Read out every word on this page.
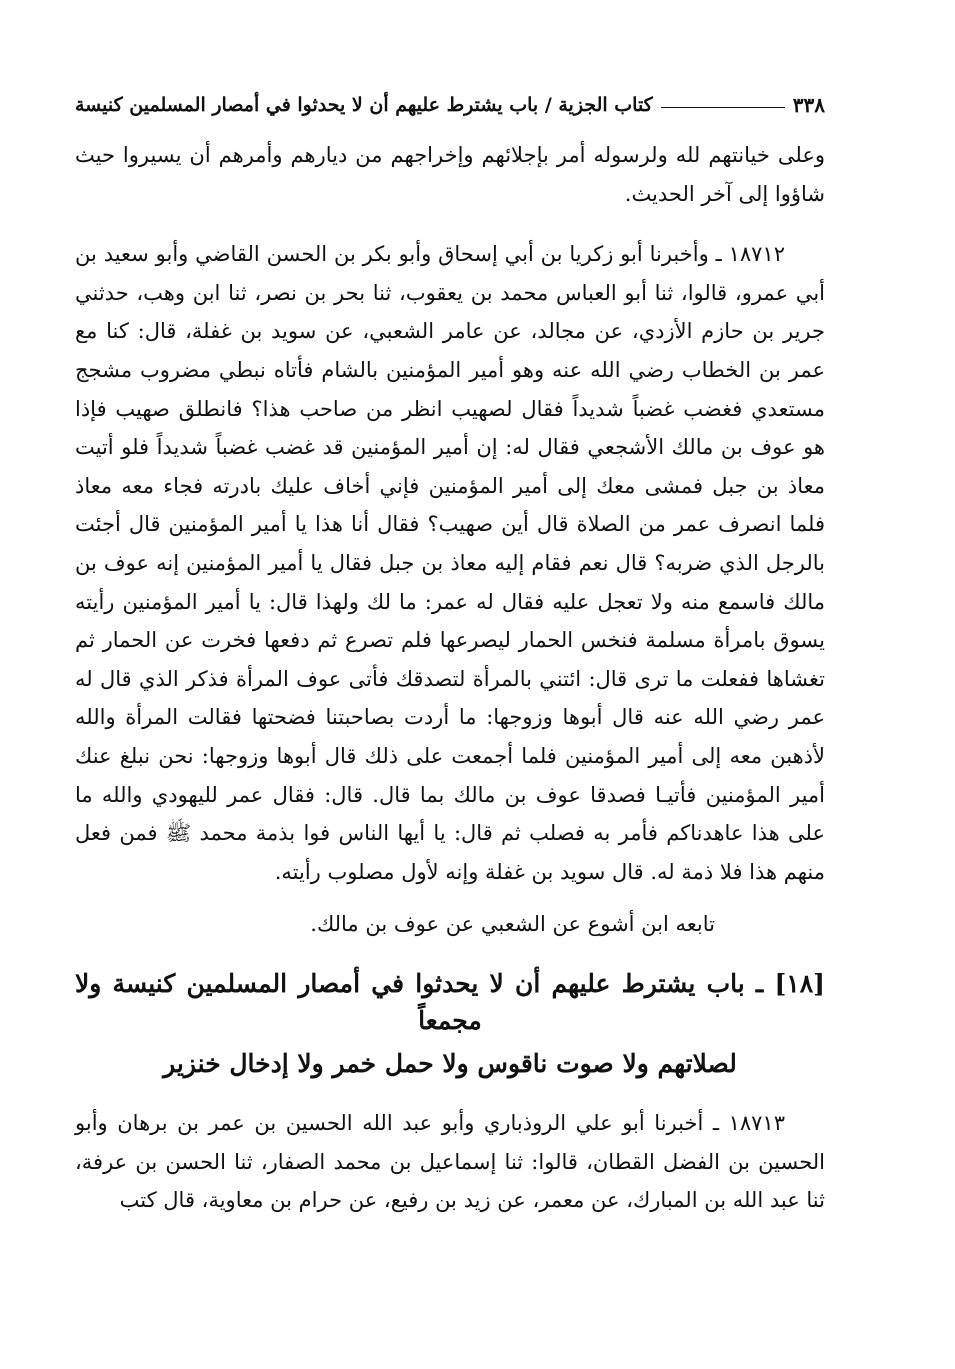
٣٣٨
كتاب الجزية / باب يشترط عليهم أن لا يحدثوا في أمصار المسلمين كنيسة

وعلى خيانتهم لله ولرسوله أمر بإجلائهم وإخراجهم من ديارهم وأمرهم أن يسيروا حيث شاؤوا إلى آخر الحديث.

١٨٧١٢ ـ وأخبرنا أبو زكريا بن أبي إسحاق وأبو بكر بن الحسن القاضي وأبو سعيد بن أبي عمرو، قالوا، ثنا أبو العباس محمد بن يعقوب، ثنا بحر بن نصر، ثنا ابن وهب، حدثني جرير بن حازم الأزدي، عن مجالد، عن عامر الشعبي، عن سويد بن غفلة، قال: كنا مع عمر بن الخطاب رضي الله عنه وهو أمير المؤمنين بالشام فأتاه نبطي مضروب مشجج مستعدي فغضب غضباً شديداً فقال لصهيب انظر من صاحب هذا؟ فانطلق صهيب فإذا هو عوف بن مالك الأشجعي فقال له: إن أمير المؤمنين قد غضب غضباً شديداً فلو أتيت معاذ بن جبل فمشى معك إلى أمير المؤمنين فإني أخاف عليك بادرته فجاء معه معاذ فلما انصرف عمر من الصلاة قال أين صهيب؟ فقال أنا هذا يا أمير المؤمنين قال أجئت بالرجل الذي ضربه؟ قال نعم فقام إليه معاذ بن جبل فقال يا أمير المؤمنين إنه عوف بن مالك فاسمع منه ولا تعجل عليه فقال له عمر: ما لك ولهذا قال: يا أمير المؤمنين رأيته يسوق بامرأة مسلمة فنخس الحمار ليصرعها فلم تصرع ثم دفعها فخرت عن الحمار ثم تغشاها ففعلت ما ترى قال: ائتني بالمرأة لتصدقك فأتى عوف المرأة فذكر الذي قال له عمر رضي الله عنه قال أبوها وزوجها: ما أردت بصاحبتنا فضحتها فقالت المرأة والله لأذهبن معه إلى أمير المؤمنين فلما أجمعت على ذلك قال أبوها وزوجها: نحن نبلغ عنك أمير المؤمنين فأتيـا فصدقا عوف بن مالك بما قال. قال: فقال عمر لليهودي والله ما على هذا عاهدناكم فأمر به فصلب ثم قال: يا أيها الناس فوا بذمة محمد ﷺ فمن فعل منهم هذا فلا ذمة له. قال سويد بن غفلة وإنه لأول مصلوب رأيته.

تابعه ابن أشوع عن الشعبي عن عوف بن مالك.

[١٨] ـ باب يشترط عليهم أن لا يحدثوا في أمصار المسلمين كنيسة ولا
مجمعاً
لصلاتهم ولا صوت ناقوس ولا حمل خمر ولا إدخال خنزير

١٨٧١٣ ـ أخبرنا أبو علي الروذباري وأبو عبد الله الحسين بن عمر بن برهان وأبو الحسين بن الفضل القطان، قالوا: ثنا إسماعيل بن محمد الصفار، ثنا الحسن بن عرفة، ثنا عبد الله بن المبارك، عن معمر، عن زيد بن رفيع، عن حرام بن معاوية، قال كتب
